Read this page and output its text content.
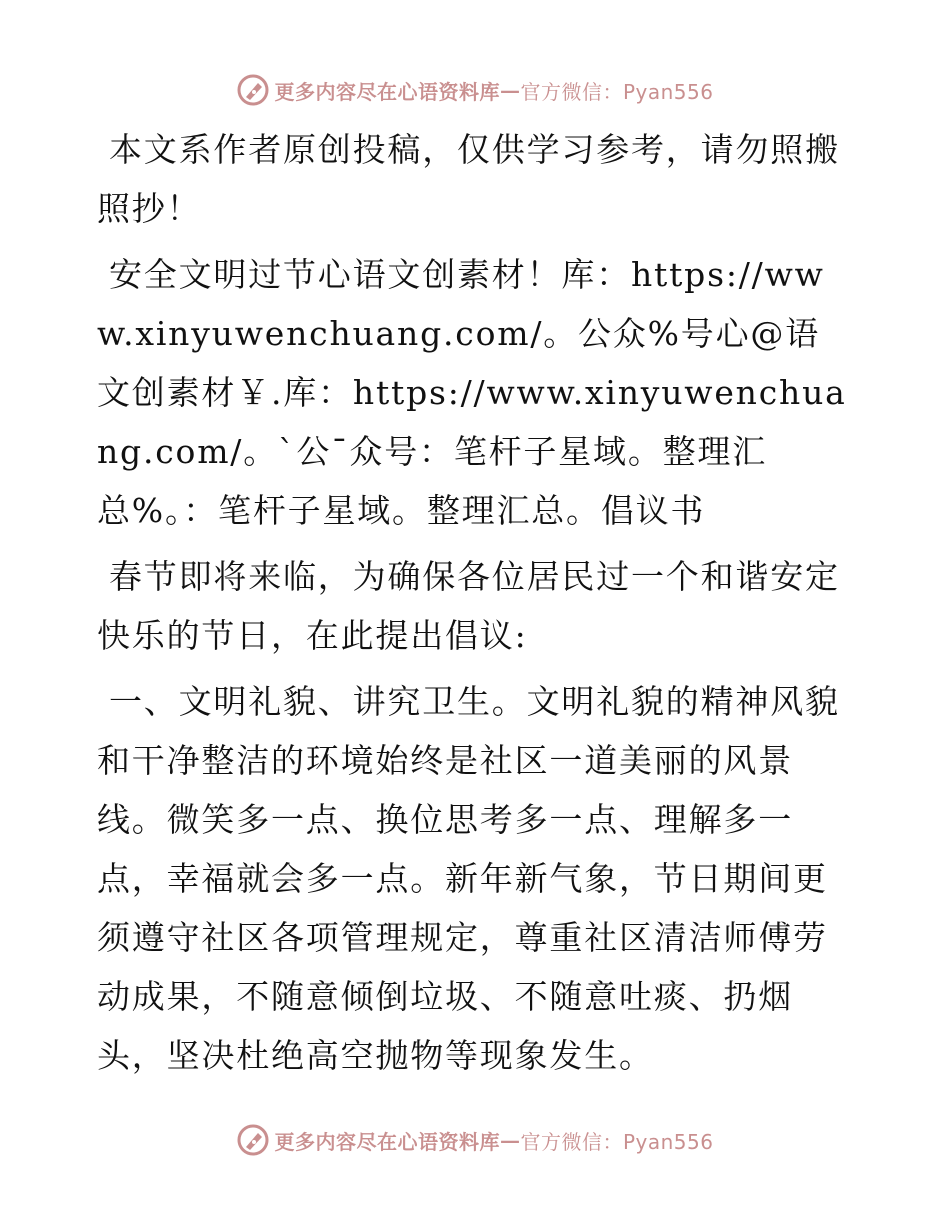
更多内容尽在心语资料库 — 官方微信：Pyan556

本文系作者原创投稿，仅供学习参考，请勿照搬照抄！

安全文明过节心语文创素材！库：https://www.xinyuwenchuang.com/。公众%号心@语文创素材￥.库：https://www.xinyuwenchuang.com/。`公¯众号：笔杆子星域。整理汇总%。：笔杆子星域。整理汇总。倡议书

春节即将来临，为确保各位居民过一个和谐安定快乐的节日，在此提出倡议:

一、文明礼貌、讲究卫生。文明礼貌的精神风貌和干净整洁的环境始终是社区一道美丽的风景线。微笑多一点、换位思考多一点、理解多一点，幸福就会多一点。新年新气象，节日期间更须遵守社区各项管理规定，尊重社区清洁师傅劳动成果，不随意倾倒垃圾、不随意吐痰、扔烟头，坚决杜绝高空抛物等现象发生。

更多内容尽在心语资料库 — 官方微信：Pyan556
